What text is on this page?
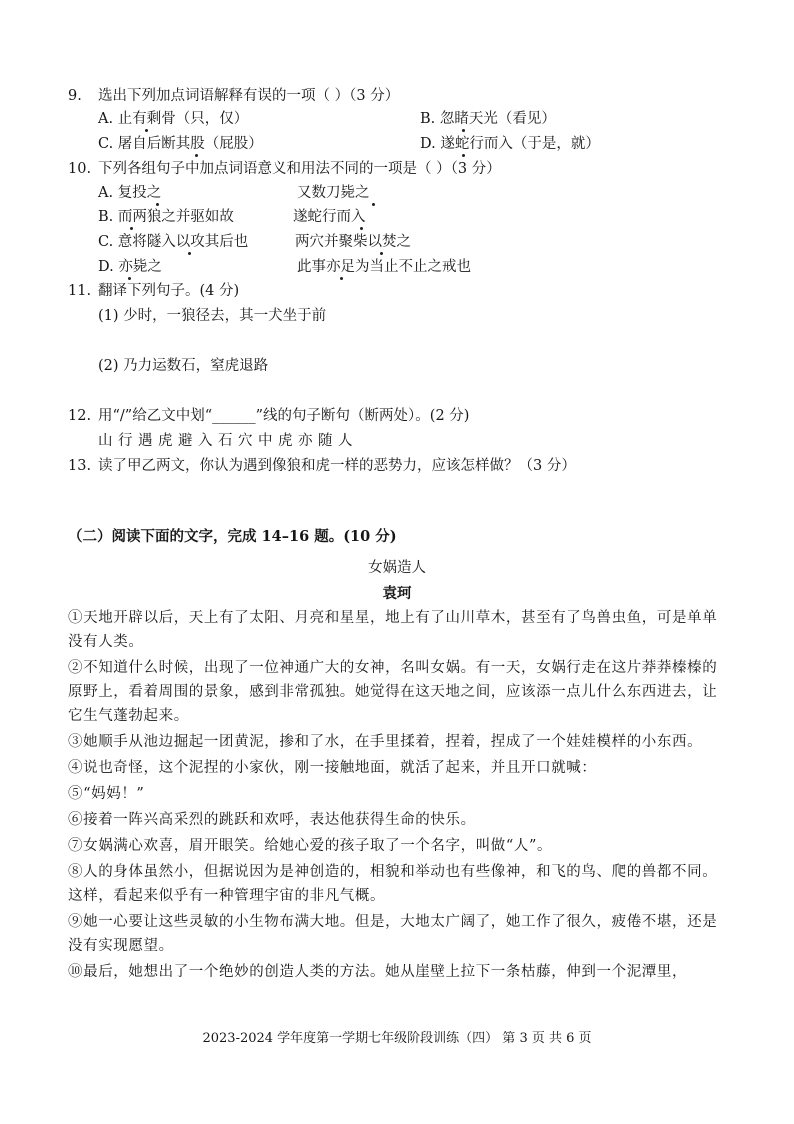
9. 选出下列加点词语解释有误的一项（ ）（3 分）
A. 止有剩骨（只，仅）	B. 忽睹天光（看见）
C. 屠自后断其股（屁股）	D. 遂蛇行而入（于是，就）
10. 下列各组句子中加点词语意义和用法不同的一项是（ ）（3 分）
A. 复投之	又数刀毙之
B. 而两狼之并驱如故	遂蛇行而入
C. 意将隧入以攻其后也	两穴并聚柴以焚之
D. 亦毙之	此事亦足为当止不止之戒也
11. 翻译下列句子。(4 分)
(1) 少时，一狼径去，其一犬坐于前
(2) 乃力运数石，窒虎退路
12. 用“/”给乙文中划“______”线的句子断句（断两处）。(2 分)
山行遇虎避入石穴中虎亦随人
13. 读了甲乙两文，你认为遇到像狼和虎一样的恶势力，应该怎样做？（3 分）
（二）阅读下面的文字，完成 14–16 题。(10 分)
女娲造人
袁珂
①天地开辟以后，天上有了太阳、月亮和星星，地上有了山川草木，甚至有了鸟兽虫鱼，可是单单没有人类。
②不知道什么时候，出现了一位神通广大的女神，名叫女娲。有一天，女娲行走在这片莽莽榛榛的原野上，看着周围的景象，感到非常孤独。她觉得在这天地之间，应该添一点儿什么东西进去，让它生气蓬勃起来。
③她顺手从池边掘起一团黄泥，掺和了水，在手里揉着，捏着，捏成了一个娃娃模样的小东西。
④说也奇怪，这个泥捏的小家伙，刚一接触地面，就活了起来，并且开口就喊：
⑤“妈妈！”
⑥接着一阵兴高采烈的跳跃和欢呼，表达他获得生命的快乐。
⑦女娲满心欢喜，眉开眼笑。给她心爱的孩子取了一个名字，叫做“人”。
⑧人的身体虽然小，但据说因为是神创造的，相貌和举动也有些像神，和飞的鸟、爬的兽都不同。这样，看起来似乎有一种管理宇宙的非凡气概。
⑨她一心要让这些灵敏的小生物布满大地。但是，大地太广阔了，她工作了很久，疲倦不堪，还是没有实现愿望。
⑩最后，她想出了一个绝妙的创造人类的方法。她从崖壁上拉下一条枯藤，伸到一个泥潭里，
2023-2024 学年度第一学期七年级阶段训练（四） 第 3 页 共 6 页
